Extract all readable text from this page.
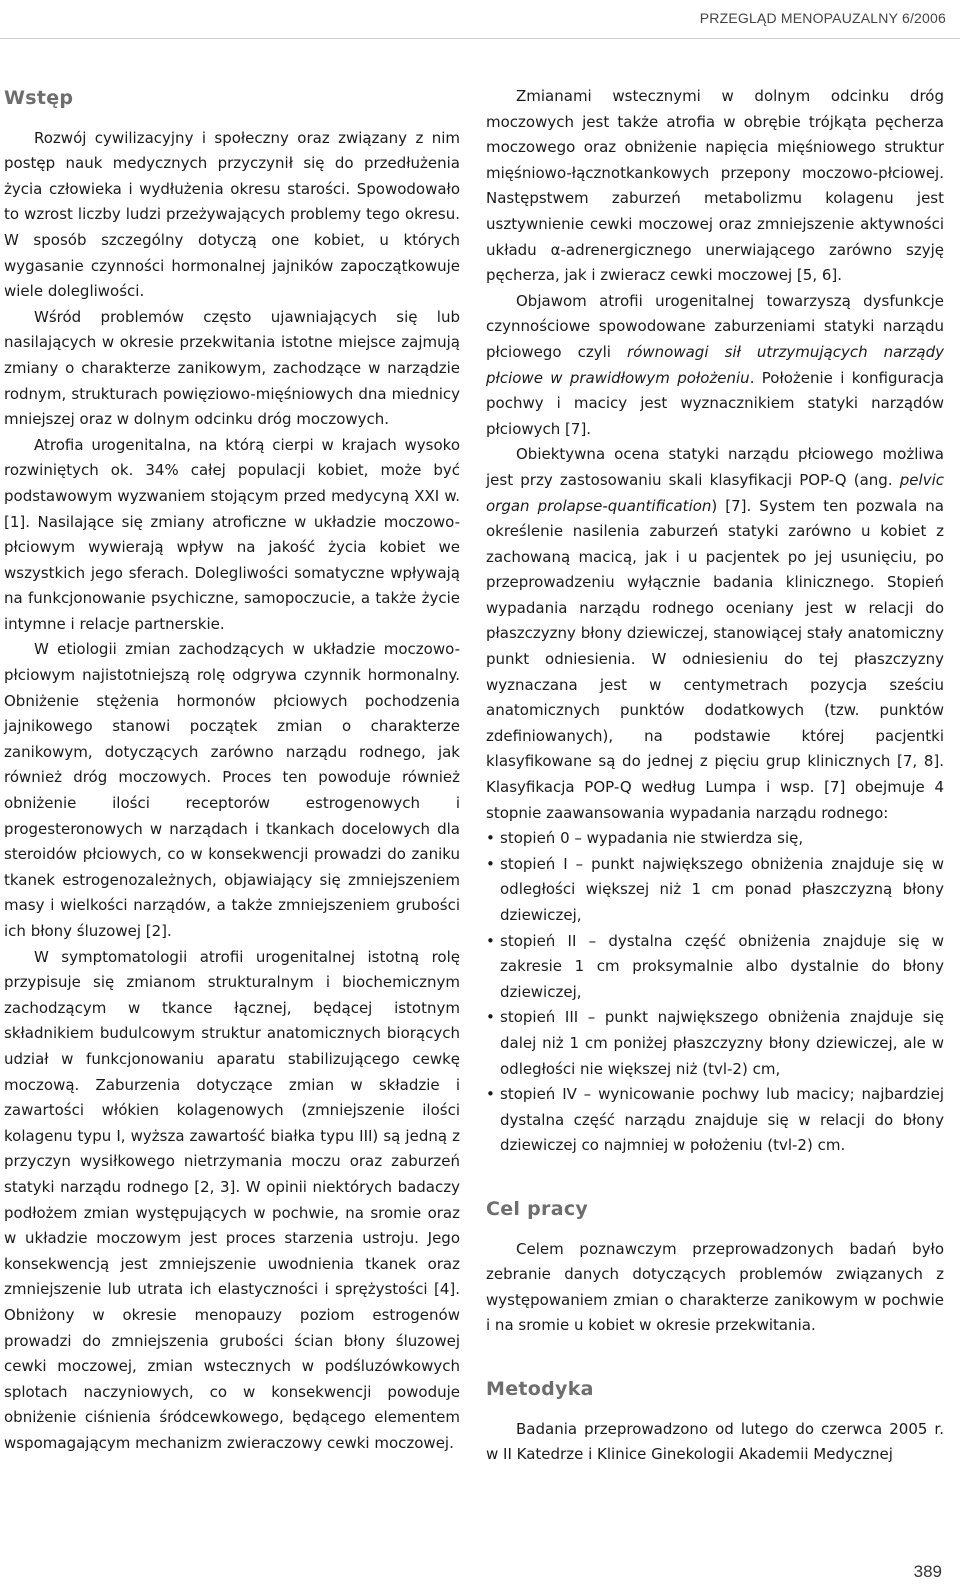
PRZEGLĄD MENOPAUZALNY 6/2006
Wstęp

Rozwój cywilizacyjny i społeczny oraz związany z nim postęp nauk medycznych przyczynił się do przedłużenia życia człowieka i wydłużenia okresu starości. Spowodowało to wzrost liczby ludzi przeżywających problemy tego okresu. W sposób szczególny dotyczą one kobiet, u których wygasanie czynności hormonalnej jajników zapoczątkowuje wiele dolegliwości.

Wśród problemów często ujawniających się lub nasilających w okresie przekwitania istotne miejsce zajmują zmiany o charakterze zanikowym, zachodzące w narządzie rodnym, strukturach powięziowo-mięśniowych dna miednicy mniejszej oraz w dolnym odcinku dróg moczowych.

Atrofia urogenitalna, na którą cierpi w krajach wysoko rozwiniętych ok. 34% całej populacji kobiet, może być podstawowym wyzwaniem stojącym przed medycyną XXI w. [1]. Nasilające się zmiany atroficzne w układzie moczowo-płciowym wywierają wpływ na jakość życia kobiet we wszystkich jego sferach. Dolegliwości somatyczne wpływają na funkcjonowanie psychiczne, samopoczucie, a także życie intymne i relacje partnerskie.

W etiologii zmian zachodzących w układzie moczowo-płciowym najistotniejszą rolę odgrywa czynnik hormonalny. Obniżenie stężenia hormonów płciowych pochodzenia jajnikowego stanowi początek zmian o charakterze zanikowym, dotyczących zarówno narządu rodnego, jak również dróg moczowych. Proces ten powoduje również obniżenie ilości receptorów estrogenowych i progesteronowych w narządach i tkankach docelowych dla steroidów płciowych, co w konsekwencji prowadzi do zaniku tkanek estrogenozależnych, objawiający się zmniejszeniem masy i wielkości narządów, a także zmniejszeniem grubości ich błony śluzowej [2].

W symptomatologii atrofii urogenitalnej istotną rolę przypisuje się zmianom strukturalnym i biochemicznym zachodzącym w tkance łącznej, będącej istotnym składnikiem budulcowym struktur anatomicznych biorących udział w funkcjonowaniu aparatu stabilizującego cewkę moczową. Zaburzenia dotyczące zmian w składzie i zawartości włókien kolagenowych (zmniejszenie ilości kolagenu typu I, wyższa zawartość białka typu III) są jedną z przyczyn wysiłkowego nietrzymania moczu oraz zaburzeń statyki narządu rodnego [2, 3]. W opinii niektórych badaczy podłożem zmian występujących w pochwie, na sromie oraz w układzie moczowym jest proces starzenia ustroju. Jego konsekwencją jest zmniejszenie uwodnienia tkanek oraz zmniejszenie lub utrata ich elastyczności i sprężystości [4]. Obniżony w okresie menopauzy poziom estrogenów prowadzi do zmniejszenia grubości ścian błony śluzowej cewki moczowej, zmian wstecznych w podśluzówkowych splotach naczyniowych, co w konsekwencji powoduje obniżenie ciśnienia śródcewkowego, będącego elementem wspomagającym mechanizm zwieraczowy cewki moczowej.

Zmianami wstecznymi w dolnym odcinku dróg moczowych jest także atrofia w obrębie trójkąta pęcherza moczowego oraz obniżenie napięcia mięśniowego struktur mięśniowo-łącznotkankowych przepony moczowo-płciowej. Następstwem zaburzeń metabolizmu kolagenu jest usztywnienie cewki moczowej oraz zmniejszenie aktywności układu α-adrenergicznego unerwiającego zarówno szyję pęcherza, jak i zwieracz cewki moczowej [5, 6].

Objawom atrofii urogenitalnej towarzyszą dysfunkcje czynnościowe spowodowane zaburzeniami statyki narządu płciowego czyli równowagi sił utrzymujących narządy płciowe w prawidłowym położeniu. Położenie i konfiguracja pochwy i macicy jest wyznacznikiem statyki narządów płciowych [7].

Obiektywna ocena statyki narządu płciowego możliwa jest przy zastosowaniu skali klasyfikacji POP-Q (ang. pelvic organ prolapse-quantification) [7]. System ten pozwala na określenie nasilenia zaburzeń statyki zarówno u kobiet z zachowaną macicą, jak i u pacjentek po jej usunięciu, po przeprowadzeniu wyłącznie badania klinicznego. Stopień wypadania narządu rodnego oceniany jest w relacji do płaszczyzny błony dziewiczej, stanowiącej stały anatomiczny punkt odniesienia. W odniesieniu do tej płaszczyzny wyznaczana jest w centymetrach pozycja sześciu anatomicznych punktów dodatkowych (tzw. punktów zdefiniowanych), na podstawie której pacjentki klasyfikowane są do jednej z pięciu grup klinicznych [7, 8]. Klasyfikacja POP-Q według Lumpa i wsp. [7] obejmuje 4 stopnie zaawansowania wypadania narządu rodnego:

• stopień 0 – wypadania nie stwierdza się,
• stopień I – punkt największego obniżenia znajduje się w odległości większej niż 1 cm ponad płaszczyzną błony dziewiczej,
• stopień II – dystalna część obniżenia znajduje się w zakresie 1 cm proksymalnie albo dystalnie do błony dziewiczej,
• stopień III – punkt największego obniżenia znajduje się dalej niż 1 cm poniżej płaszczyzny błony dziewiczej, ale w odległości nie większej niż (tvl-2) cm,
• stopień IV – wynicowanie pochwy lub macicy; najbardziej dystalna część narządu znajduje się w relacji do błony dziewiczej co najmniej w położeniu (tvl-2) cm.
Cel pracy

Celem poznawczym przeprowadzonych badań było zebranie danych dotyczących problemów związanych z występowaniem zmian o charakterze zanikowym w pochwie i na sromie u kobiet w okresie przekwitania.

Metodyka

Badania przeprowadzono od lutego do czerwca 2005 r. w II Katedrze i Klinice Ginekologii Akademii Medycznej

389
